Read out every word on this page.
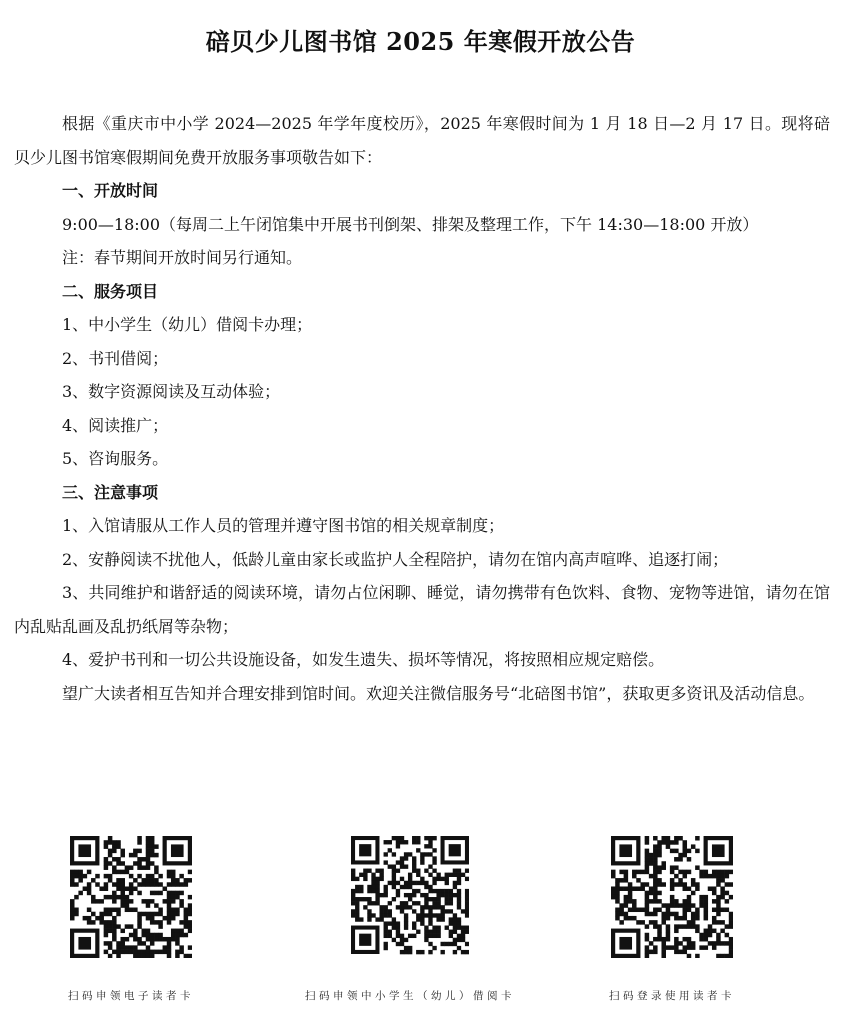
碚贝少儿图书馆 2025 年寒假开放公告

根据《重庆市中小学 2024—2025 年学年度校历》，2025 年寒假时间为 1 月 18 日—2 月 17 日。现将碚贝少儿图书馆寒假期间免费开放服务事项敬告如下：

一、开放时间

9:00—18:00（每周二上午闭馆集中开展书刊倒架、排架及整理工作，下午 14:30—18:00 开放）

注：春节期间开放时间另行通知。

二、服务项目

1、中小学生（幼儿）借阅卡办理；

2、书刊借阅；

3、数字资源阅读及互动体验；

4、阅读推广；

5、咨询服务。

三、注意事项

1、入馆请服从工作人员的管理并遵守图书馆的相关规章制度；

2、安静阅读不扰他人，低龄儿童由家长或监护人全程陪护，请勿在馆内高声喧哗、追逐打闹；

3、共同维护和谐舒适的阅读环境，请勿占位闲聊、睡觉，请勿携带有色饮料、食物、宠物等进馆，请勿在馆内乱贴乱画及乱扔纸屑等杂物；

4、爱护书刊和一切公共设施设备，如发生遗失、损坏等情况，将按照相应规定赔偿。

望广大读者相互告知并合理安排到馆时间。欢迎关注微信服务号“北碚图书馆”，获取更多资讯及活动信息。

扫码申领电子读者卡	扫码申领中小学生（幼儿）借阅卡	扫码登录使用读者卡
